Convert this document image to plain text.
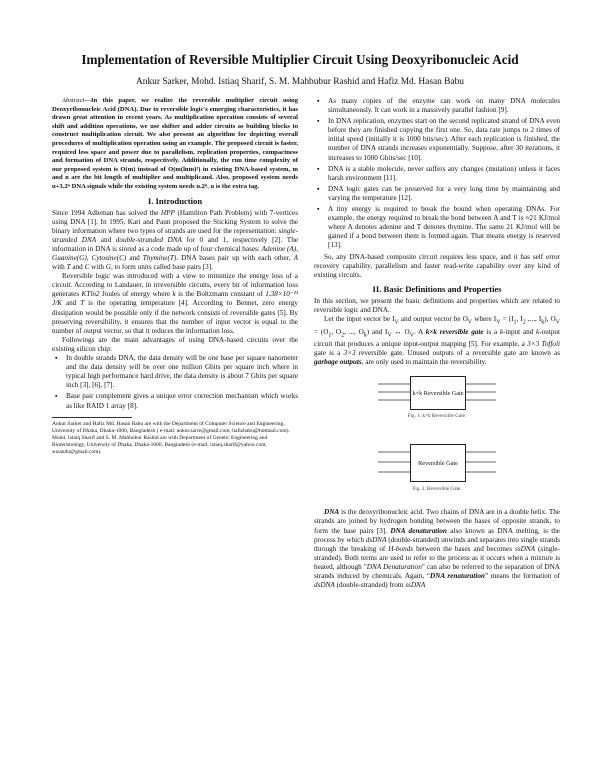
Implementation of Reversible Multiplier Circuit Using Deoxyribonucleic Acid
Ankur Sarker, Mohd. Istiaq Sharif, S. M. Mahbubur Rashid and Hafiz Md. Hasan Babu

Abstract—In this paper, we realize the reversible multiplier circuit using Deoxyribonucleic Acid (DNA). Due to reversible logic's emerging characteristics, it has drawn great attention in recent years. As multiplication operation consists of several shift and addition operations, we use shifter and adder circuits as building blocks to construct multiplication circuit. We also present an algorithm for depicting overall procedures of multiplication operation using an example. The proposed circuit is faster, required less space and power due to parallelism, replication properties, compactness and formation of DNA strands, respectively. Additionally, the run time complexity of our proposed system is O(m) instead of O(m(lnm)²) in existing DNA-based system, m and n are the bit length of multiplier and multiplicand. Also, proposed system needs u+3.2ⁿ DNA signals while the existing system needs u.2ⁿ, u is the extra tag.

I. Introduction

Since 1994 Adleman has solved the HPP (Hamilton Path Problem) with 7-vertices using DNA [1]. In 1995, Kari and Paun proposed the Sticking System to solve the binary information where two types of strands are used for the representation: single-stranded DNA and double-stranded DNA for 0 and 1, respectively [2]. The information in DNA is stored as a code made up of four chemical bases: Adenine (A), Guanine(G), Cytosine(C) and Thymine(T). DNA bases pair up with each other, A with T and C with G, to form units called base pairs [3].

Reversible logic was introduced with a view to minimize the energy loss of a circuit. According to Landauer, in irreversible circuits, every bit of information loss generates KTln2 Joules of energy where k is the Boltzmann constant of 1.38×10⁻²³ J/K and T is the operating temperature [4]. According to Bennet, zero energy dissipation would be possible only if the network consists of reversible gates [5]. By preserving reversibility, it ensures that the number of input vector is equal to the number of output vector, so that it reduces the information loss.

Followings are the main advantages of using DNA-based circuits over the existing silicon chip:

▪ In double strands DNA, the data density will be one base per square nanometer and the data density will be over one million Gbits per square inch where in typical high performance hard drive, the data density is about 7 Gbits per square inch [3], [6], [7].
▪ Base pair complement gives a unique error correction mechanism which works as like RAID 1 array [8].

Ankur Sarker and Hafiz Md. Hasan Babu are with the Department of Computer Science and Engineering, University of Dhaka, Dhaka-1000, Bangladesh ( e-mail: ankur.sarre@gmail.com, hafizbabu@hotmail.com).

Mohd. Istiaq Sharif and S. M .Mahbubur Rashid are with Department of Genetic Engineering and Biotechnology, University of Dhaka, Dhaka-1000, Bangladesh (e-mail: istiaq.sharif@yahoo.com, suzandu@gmail.com).

▪ As many copies of the enzyme can work on many DNA molecules simultaneously. It can work in a massively parallel fashion [9].
▪ In DNA replication, enzymes start on the second replicated strand of DNA even before they are finished copying the first one. So, data rate jumps to 2 times of initial speed (initially it is 1000 bits/sec). After each replication is finished, the number of DNA strands increases exponentially. Suppose, after 30 iterations, it increases to 1000 Gbits/sec [10].
▪ DNA is a stable molecule, never suffers any changes (mutation) unless it faces harsh environment [11].
▪ DNA logic gates can be preserved for a very long time by maintaining and varying the temperature [12].
▪ A tiny energy is required to break the bound when operating DNAs. For example, the energy required to break the bond between A and T is ≈21 KJ/mol where A denotes adenine and T denotes thymine. The same 21 KJ/mol will be gained if a bond between them is formed again. That means energy is reserved [13].

So, any DNA-based composite circuit requires less space, and it has self error recovery capability, parallelism and faster read-write capability over any kind of existing circuits.

II. Basic Definitions and Properties

In this section, we present the basic definitions and properties which are related to reversible logic and DNA.

Let the input vector be $I_V$ and output vector be $O_V$ where $I_V = (I_1$, $I_2$ ,..., $I_k$), $O_V = (O_1$, $O_2$, ..., $O_k$) and $I_V$ ↔ $O_V$. A k×k reversible gate is a k-input and k-output circuit that produces a unique input-output mapping [5]. For example, a 3×3 Toffoli gate is a 3×3 reversible gate. Unused outputs of a reversible gate are known as garbage outputs, are only used to maintain the reversibility.

k×k Reversible Gate
Fig. 1. k×k Reversible Gate.
Reversible Gate
Fig. 2. Reversible Gate.

DNA is the deoxyribonucleic acid. Two chains of DNA are in a double helix. The strands are joined by hydrogen bonding between the bases of opposite strands, to form the base pairs [3]. DNA denaturation also known as DNA melting, is the process by which dsDNA (double-stranded) unwinds and separates into single strands through the breaking of H-bonds between the bases and becomes ssDNA (single-stranded). Both terms are used to refer to the process as it occurs when a mixture is heated, although "DNA Denaturation" can also be referred to the separation of DNA strands induced by chemicals. Again, “DNA renaturation” means the formation of dsDNA (double-stranded) from ssDNA
